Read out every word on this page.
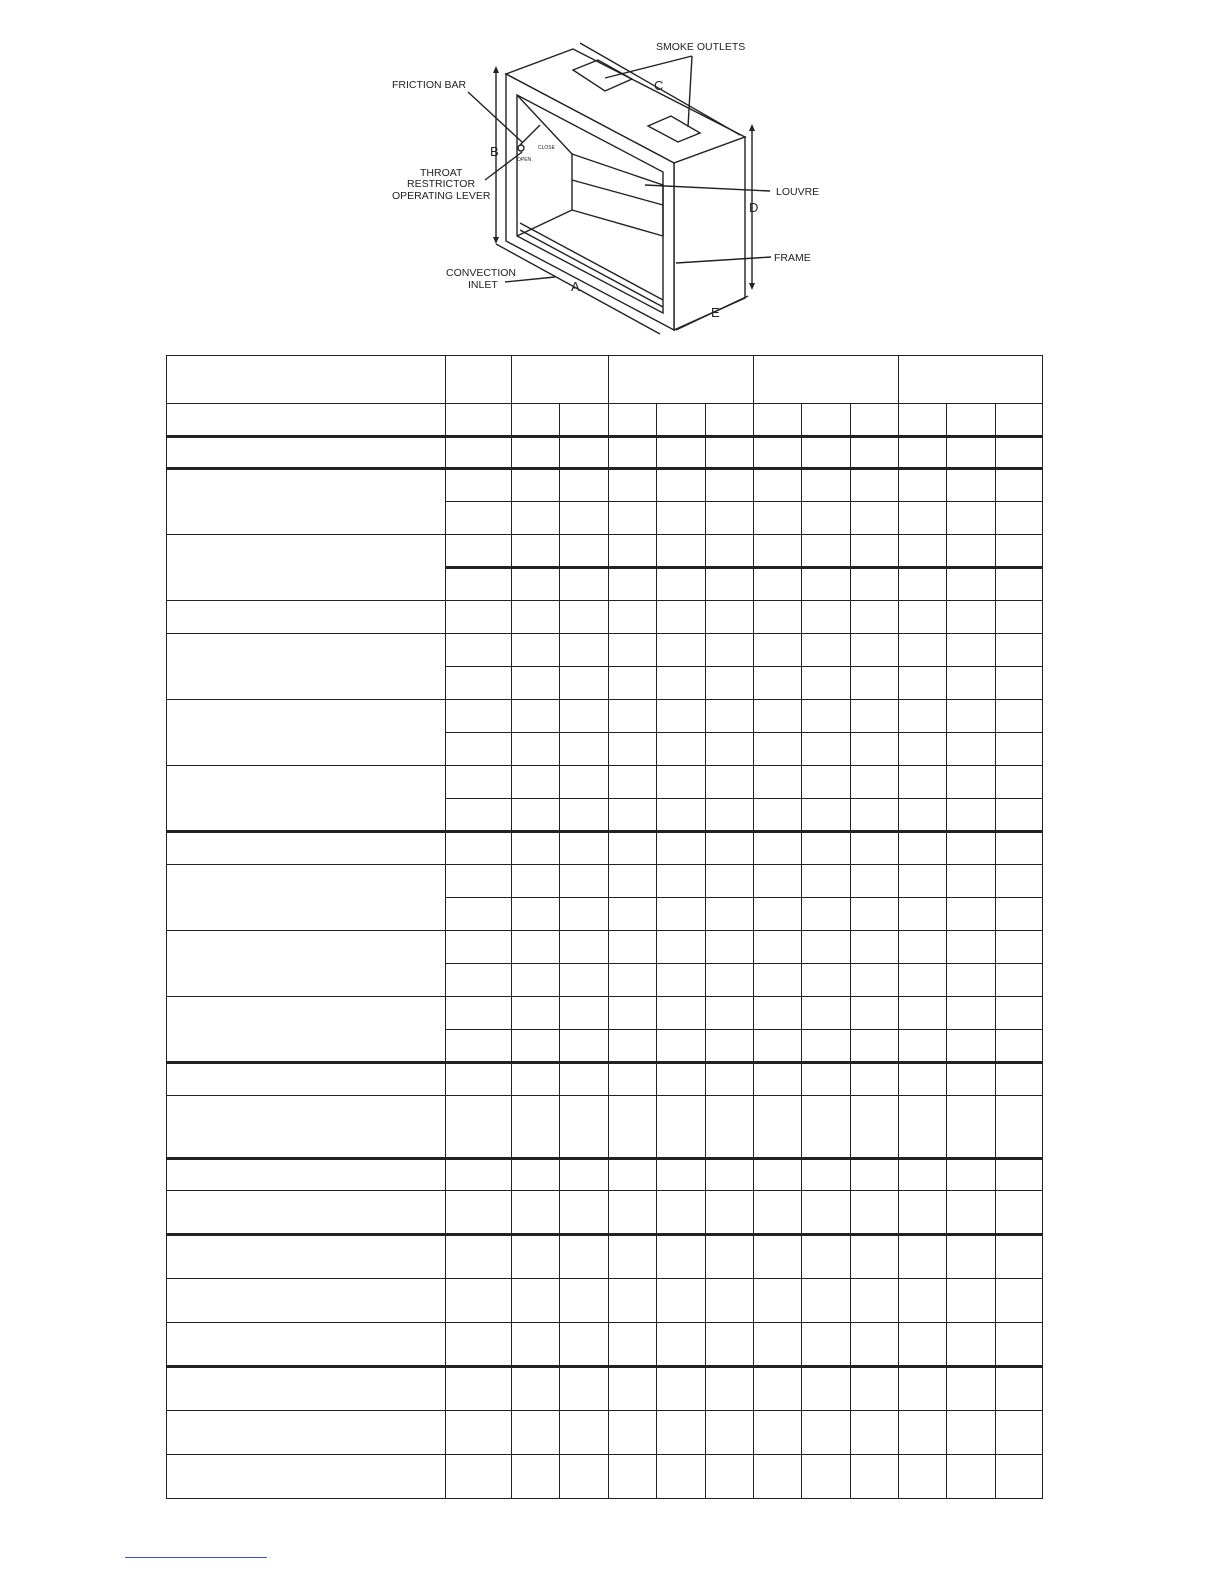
SMOKE OUTLETS
FRICTION BAR
THROAT
RESTRICTOR
OPERATING LEVER	LOUVRE
FRAME
CONVECTION
INLET
CLOSE
OPEN
B
C
D
A
E
